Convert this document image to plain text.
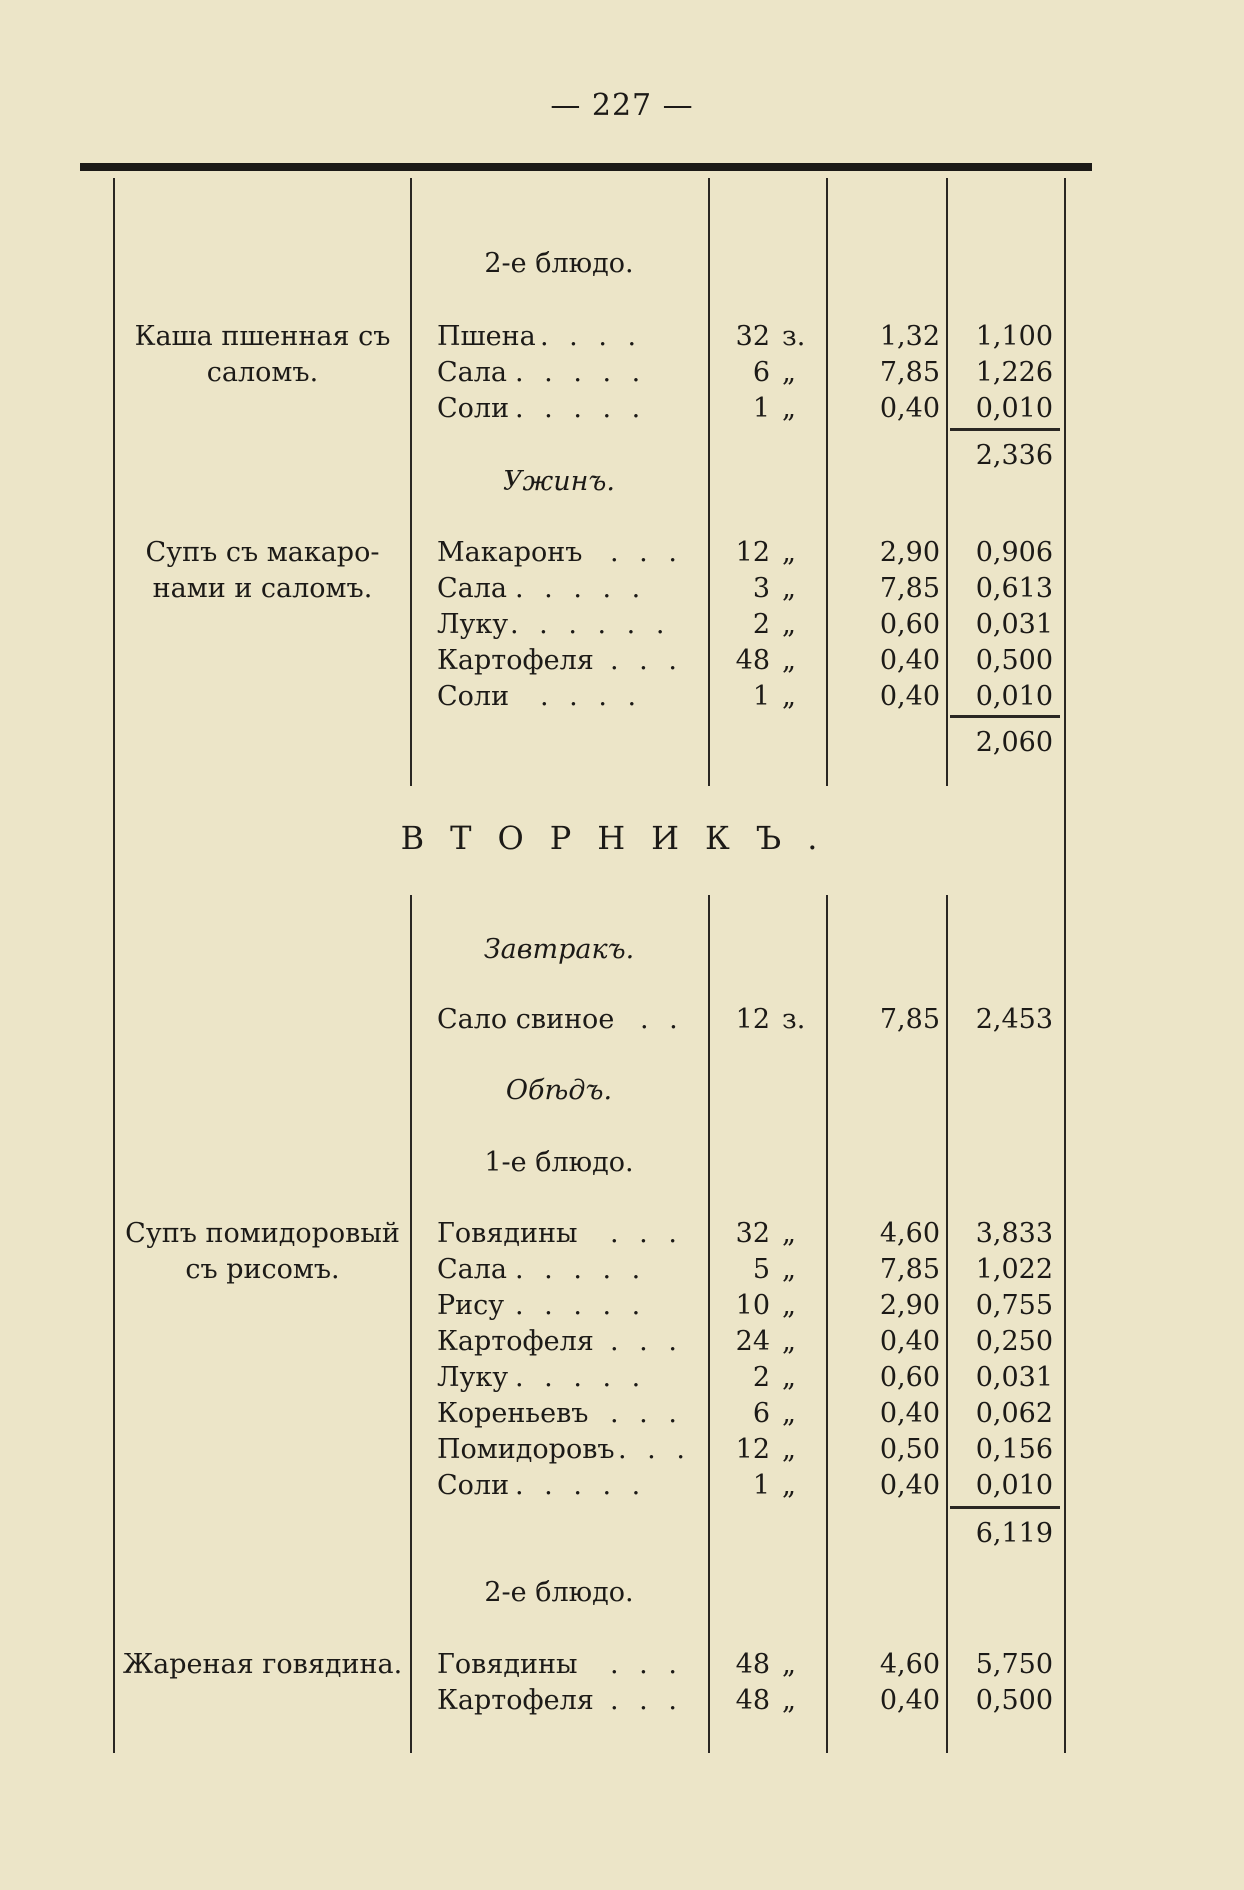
— 227 —
2-е блюдо.
Каша пшенная съ
саломъ.
Пшена . . . .	32 з.	1,32	1,100
Сала . . . . .	6 „	7,85	1,226
Соли . . . . .	1 „	0,40	0,010
2,336
Ужинъ.
Супъ съ макаро-
нами и саломъ.
Макаронъ . . .	12 „	2,90	0,906
Сала . . . . .	3 „	7,85	0,613
Луку . . . . . .	2 „	0,60	0,031
Картофеля . . .	48 „	0,40	0,500
Соли . . . .	1 „	0,40	0,010
2,060
ВТОРНИКЪ.
Завтракъ.
Сало свиное . .	12 з.	7,85	2,453
Обѣдъ.
1-е блюдо.
Супъ помидоровый
съ рисомъ.
Говядины . . .	32 „	4,60	3,833
Сала . . . . .	5 „	7,85	1,022
Рису . . . . .	10 „	2,90	0,755
Картофеля . . .	24 „	0,40	0,250
Луку . . . . .	2 „	0,60	0,031
Кореньевъ . . .	6 „	0,40	0,062
Помидоровъ . . .	12 „	0,50	0,156
Соли . . . . .	1 „	0,40	0,010
6,119
2-е блюдо.
Жареная говядина. Говядины . . .	48 „	4,60	5,750
Картофеля . . .	48 „	0,40	0,500
